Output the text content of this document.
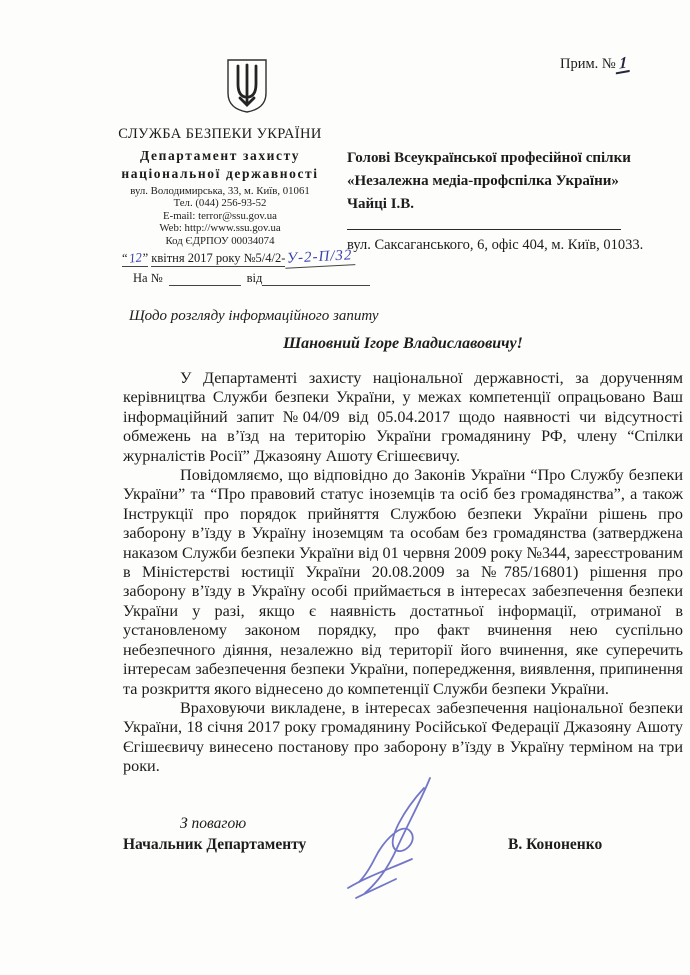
Прим. № 1
СЛУЖБА БЕЗПЕКИ УКРАЇНИ
Департамент захисту
національної державності
вул. Володимирська, 33, м. Київ, 01061
Тел. (044) 256-93-52
E-mail: terror@ssu.gov.ua
Web: http://www.ssu.gov.ua
Код ЄДРПОУ 00034074
“12” квітня 2017 року №5/4/2- У-2-П/32
На №	від
Голові Всеукраїнської професійної спілки
«Незалежна медіа-профспілка України»
Чайці І.В.
вул. Саксаганського, 6, офіс 404, м. Київ, 01033.

Щодо розгляду інформаційного запиту

Шановний Ігоре Владиславовичу!

У Департаменті захисту національної державності, за дорученням керівництва Служби безпеки України, у межах компетенції опрацьовано Ваш інформаційний запит №04/09 від 05.04.2017 щодо наявності чи відсутності обмежень на в’їзд на територію України громадянину РФ, члену “Спілки журналістів Росії” Джазояну Ашоту Єгішеєвичу.

Повідомляємо, що відповідно до Законів України “Про Службу безпеки України” та “Про правовий статус іноземців та осіб без громадянства”, а також Інструкції про порядок прийняття Службою безпеки України рішень про заборону в’їзду в Україну іноземцям та особам без громадянства (затверджена наказом Служби безпеки України від 01 червня 2009 року №344, зареєстрованим в Міністерстві юстиції України 20.08.2009 за №785/16801) рішення про заборону в’їзду в Україну особі приймається в інтересах забезпечення безпеки України у разі, якщо є наявність достатньої інформації, отриманої в установленому законом порядку, про факт вчинення нею суспільно небезпечного діяння, незалежно від території його вчинення, яке суперечить інтересам забезпечення безпеки України, попередження, виявлення, припинення та розкриття якого віднесено до компетенції Служби безпеки України.

Враховуючи викладене, в інтересах забезпечення національної безпеки України, 18 січня 2017 року громадянину Російської Федерації Джазояну Ашоту Єгішеєвичу винесено постанову про заборону в’їзду в Україну терміном на три роки.

З повагою
Начальник Департаменту	В. Кононенко
